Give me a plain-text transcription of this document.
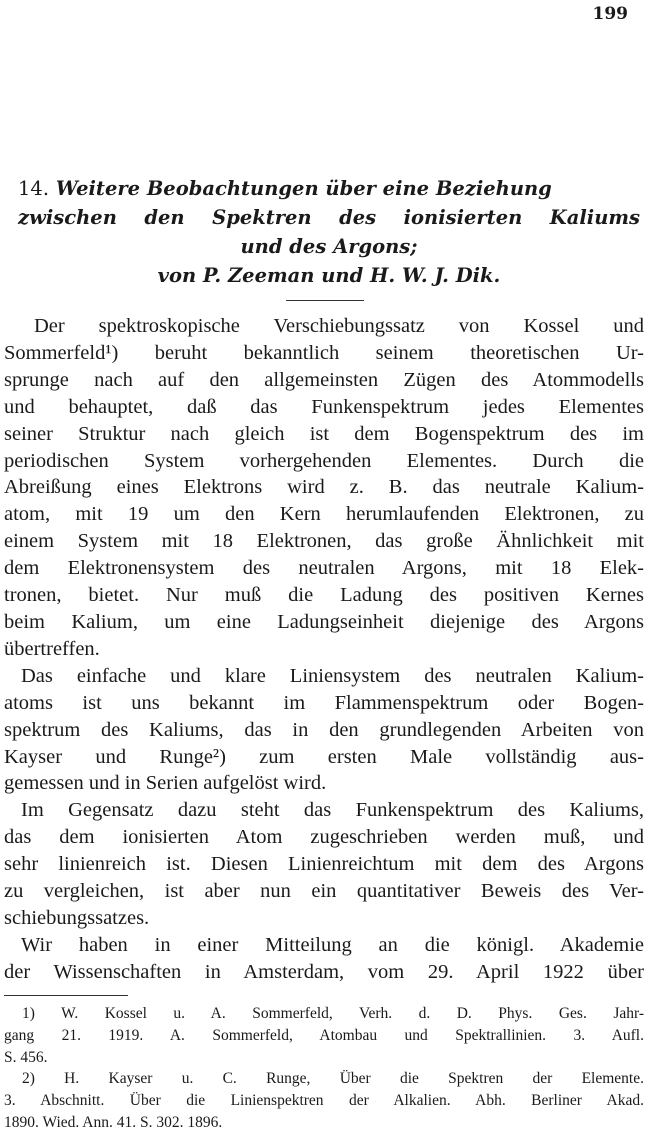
199
14. Weitere Beobachtungen über eine Beziehung
zwischen den Spektren des ionisierten Kaliums
und des Argons;
von P. Zeeman und H. W. J. Dik.
Der spektroskopische Verschiebungssatz von Kossel und
Sommerfeld¹) beruht bekanntlich seinem theoretischen Ur-
sprunge nach auf den allgemeinsten Zügen des Atommodells
und behauptet, daß das Funkenspektrum jedes Elementes
seiner Struktur nach gleich ist dem Bogenspektrum des im
periodischen System vorhergehenden Elementes. Durch die
Abreißung eines Elektrons wird z. B. das neutrale Kalium-
atom, mit 19 um den Kern herumlaufenden Elektronen, zu
einem System mit 18 Elektronen, das große Ähnlichkeit mit
dem Elektronensystem des neutralen Argons, mit 18 Elek-
tronen, bietet. Nur muß die Ladung des positiven Kernes
beim Kalium, um eine Ladungseinheit diejenige des Argons
übertreffen.
Das einfache und klare Liniensystem des neutralen Kalium-
atoms ist uns bekannt im Flammenspektrum oder Bogen-
spektrum des Kaliums, das in den grundlegenden Arbeiten von
Kayser und Runge²) zum ersten Male vollständig aus-
gemessen und in Serien aufgelöst wird.
Im Gegensatz dazu steht das Funkenspektrum des Kaliums,
das dem ionisierten Atom zugeschrieben werden muß, und
sehr linienreich ist. Diesen Linienreichtum mit dem des Argons
zu vergleichen, ist aber nun ein quantitativer Beweis des Ver-
schiebungssatzes.
Wir haben in einer Mitteilung an die königl. Akademie
der Wissenschaften in Amsterdam, vom 29. April 1922 über
1) W. Kossel u. A. Sommerfeld, Verh. d. D. Phys. Ges. Jahr-
gang 21. 1919. A. Sommerfeld, Atombau und Spektrallinien. 3. Aufl.
S. 456.
2) H. Kayser u. C. Runge, Über die Spektren der Elemente.
3. Abschnitt. Über die Linienspektren der Alkalien. Abh. Berliner Akad.
1890. Wied. Ann. 41. S. 302. 1896.
